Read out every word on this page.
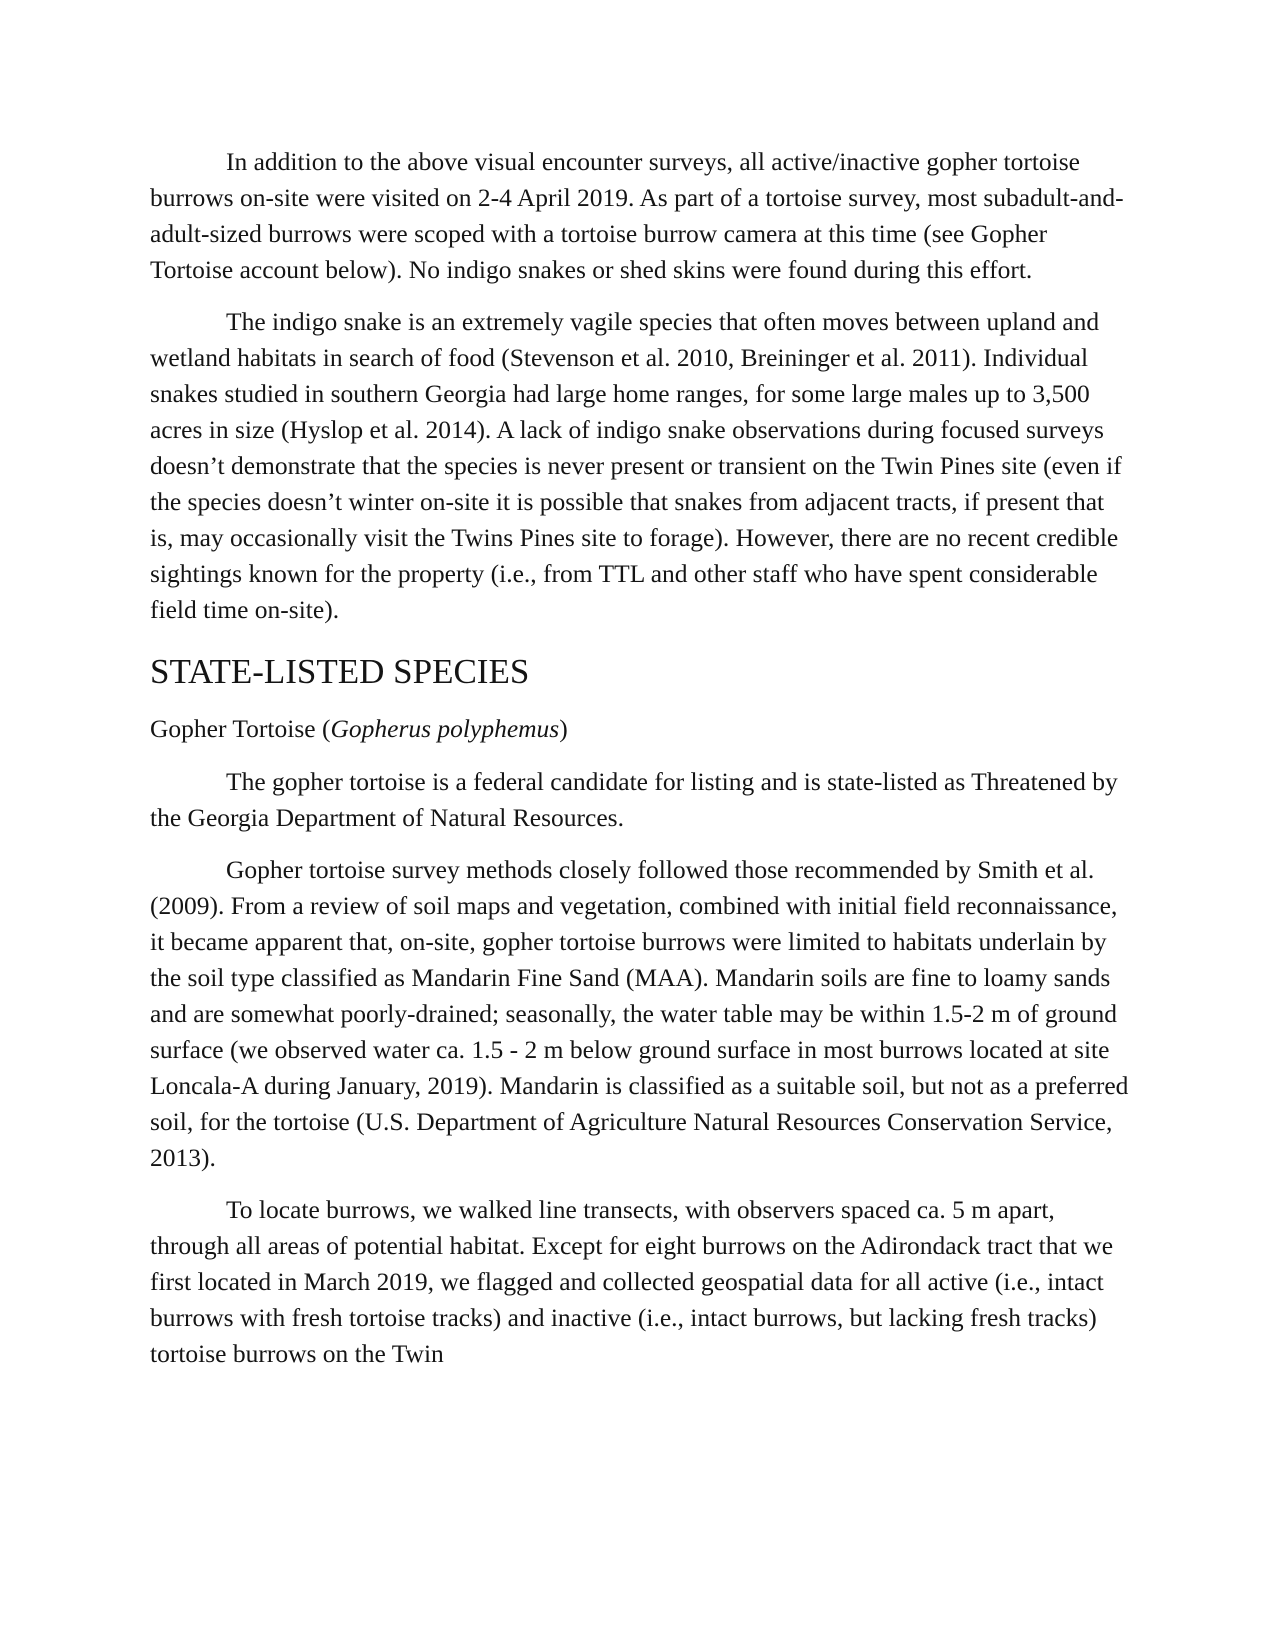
In addition to the above visual encounter surveys, all active/inactive gopher tortoise burrows on-site were visited on 2-4 April 2019. As part of a tortoise survey, most subadult-and-adult-sized burrows were scoped with a tortoise burrow camera at this time (see Gopher Tortoise account below). No indigo snakes or shed skins were found during this effort.

The indigo snake is an extremely vagile species that often moves between upland and wetland habitats in search of food (Stevenson et al. 2010, Breininger et al. 2011). Individual snakes studied in southern Georgia had large home ranges, for some large males up to 3,500 acres in size (Hyslop et al. 2014). A lack of indigo snake observations during focused surveys doesn’t demonstrate that the species is never present or transient on the Twin Pines site (even if the species doesn’t winter on-site it is possible that snakes from adjacent tracts, if present that is, may occasionally visit the Twins Pines site to forage). However, there are no recent credible sightings known for the property (i.e., from TTL and other staff who have spent considerable field time on-site).

STATE-LISTED SPECIES
Gopher Tortoise (Gopherus polyphemus)

The gopher tortoise is a federal candidate for listing and is state-listed as Threatened by the Georgia Department of Natural Resources.

Gopher tortoise survey methods closely followed those recommended by Smith et al. (2009). From a review of soil maps and vegetation, combined with initial field reconnaissance, it became apparent that, on-site, gopher tortoise burrows were limited to habitats underlain by the soil type classified as Mandarin Fine Sand (MAA). Mandarin soils are fine to loamy sands and are somewhat poorly-drained; seasonally, the water table may be within 1.5-2 m of ground surface (we observed water ca. 1.5 - 2 m below ground surface in most burrows located at site Loncala-A during January, 2019). Mandarin is classified as a suitable soil, but not as a preferred soil, for the tortoise (U.S. Department of Agriculture Natural Resources Conservation Service, 2013).

To locate burrows, we walked line transects, with observers spaced ca. 5 m apart, through all areas of potential habitat. Except for eight burrows on the Adirondack tract that we first located in March 2019, we flagged and collected geospatial data for all active (i.e., intact burrows with fresh tortoise tracks) and inactive (i.e., intact burrows, but lacking fresh tracks) tortoise burrows on the Twin
